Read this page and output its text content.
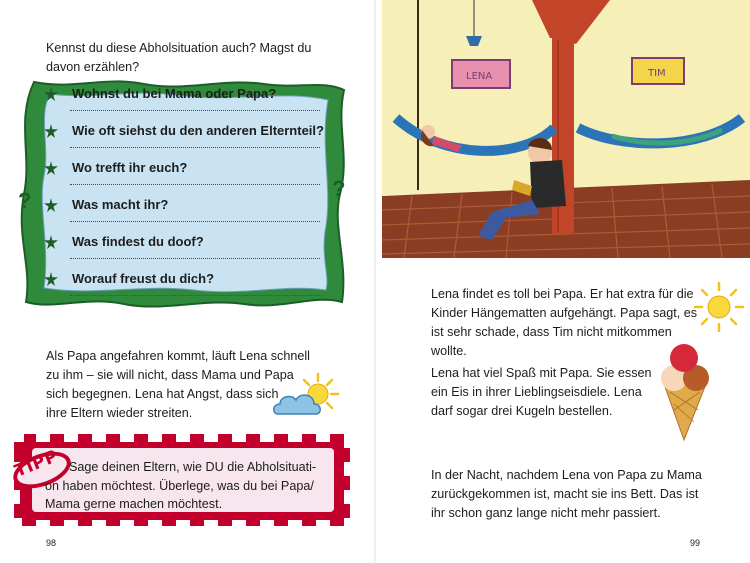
Kennst du diese Abholsituation auch? Magst du
davon erzählen?
?	?
Wohnst du bei Mama oder Papa?
Wie oft siehst du den anderen Elternteil?
Wo trefft ihr euch?
Was macht ihr?
Was findest du doof?
Worauf freust du dich?
Als Papa angefahren kommt, läuft Lena schnell
zu ihm – sie will nicht, dass Mama und Papa
sich begegnen. Lena hat Angst, dass sich
ihre Eltern wieder streiten.
TIPP Sage deinen Eltern, wie DU die Abholsituati-
on haben möchtest. Überlege, was du bei Papa/
Mama gerne machen möchtest.
98
LENA	TIM
Lena findet es toll bei Papa. Er hat extra für die
Kinder Hängematten aufgehängt. Papa sagt, es
ist sehr schade, dass Tim nicht mitkommen
wollte.
Lena hat viel Spaß mit Papa. Sie essen
ein Eis in ihrer Lieblingseisdiele. Lena
darf sogar drei Kugeln bestellen.
In der Nacht, nachdem Lena von Papa zu Mama
zurückgekommen ist, macht sie ins Bett. Das ist
ihr schon ganz lange nicht mehr passiert.
99
